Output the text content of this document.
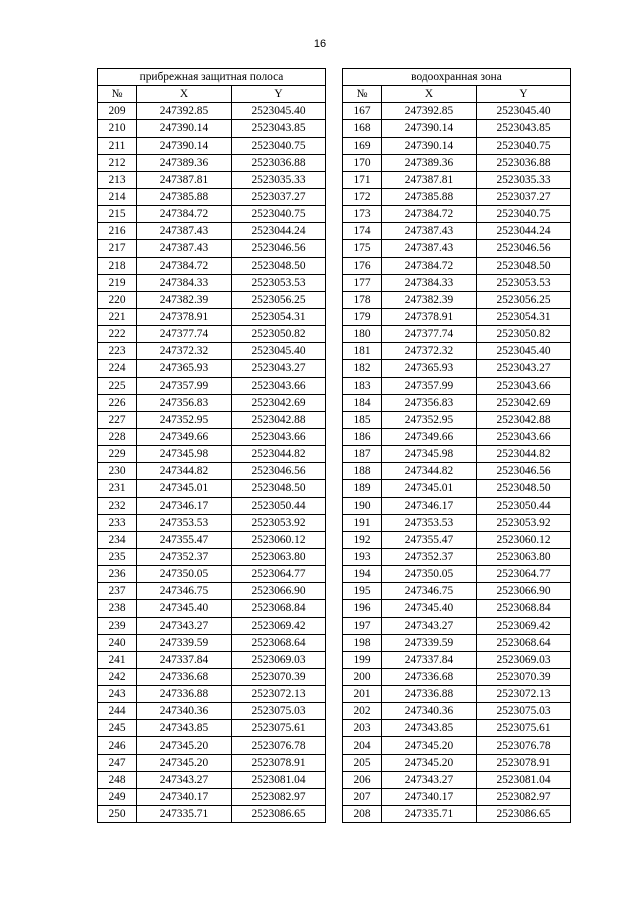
16
прибрежная защитная полоса		
№	X	Y
209	247392.85	2523045.40
210	247390.14	2523043.85
211	247390.14	2523040.75
212	247389.36	2523036.88
213	247387.81	2523035.33
214	247385.88	2523037.27
215	247384.72	2523040.75
216	247387.43	2523044.24
217	247387.43	2523046.56
218	247384.72	2523048.50
219	247384.33	2523053.53
220	247382.39	2523056.25
221	247378.91	2523054.31
222	247377.74	2523050.82
223	247372.32	2523045.40
224	247365.93	2523043.27
225	247357.99	2523043.66
226	247356.83	2523042.69
227	247352.95	2523042.88
228	247349.66	2523043.66
229	247345.98	2523044.82
230	247344.82	2523046.56
231	247345.01	2523048.50
232	247346.17	2523050.44
233	247353.53	2523053.92
234	247355.47	2523060.12
235	247352.37	2523063.80
236	247350.05	2523064.77
237	247346.75	2523066.90
238	247345.40	2523068.84
239	247343.27	2523069.42
240	247339.59	2523068.64
241	247337.84	2523069.03
242	247336.68	2523070.39
243	247336.88	2523072.13
244	247340.36	2523075.03
245	247343.85	2523075.61
246	247345.20	2523076.78
247	247345.20	2523078.91
248	247343.27	2523081.04
249	247340.17	2523082.97
250	247335.71	2523086.65
водоохранная зона		
№	X	Y
167	247392.85	2523045.40
168	247390.14	2523043.85
169	247390.14	2523040.75
170	247389.36	2523036.88
171	247387.81	2523035.33
172	247385.88	2523037.27
173	247384.72	2523040.75
174	247387.43	2523044.24
175	247387.43	2523046.56
176	247384.72	2523048.50
177	247384.33	2523053.53
178	247382.39	2523056.25
179	247378.91	2523054.31
180	247377.74	2523050.82
181	247372.32	2523045.40
182	247365.93	2523043.27
183	247357.99	2523043.66
184	247356.83	2523042.69
185	247352.95	2523042.88
186	247349.66	2523043.66
187	247345.98	2523044.82
188	247344.82	2523046.56
189	247345.01	2523048.50
190	247346.17	2523050.44
191	247353.53	2523053.92
192	247355.47	2523060.12
193	247352.37	2523063.80
194	247350.05	2523064.77
195	247346.75	2523066.90
196	247345.40	2523068.84
197	247343.27	2523069.42
198	247339.59	2523068.64
199	247337.84	2523069.03
200	247336.68	2523070.39
201	247336.88	2523072.13
202	247340.36	2523075.03
203	247343.85	2523075.61
204	247345.20	2523076.78
205	247345.20	2523078.91
206	247343.27	2523081.04
207	247340.17	2523082.97
208	247335.71	2523086.65
